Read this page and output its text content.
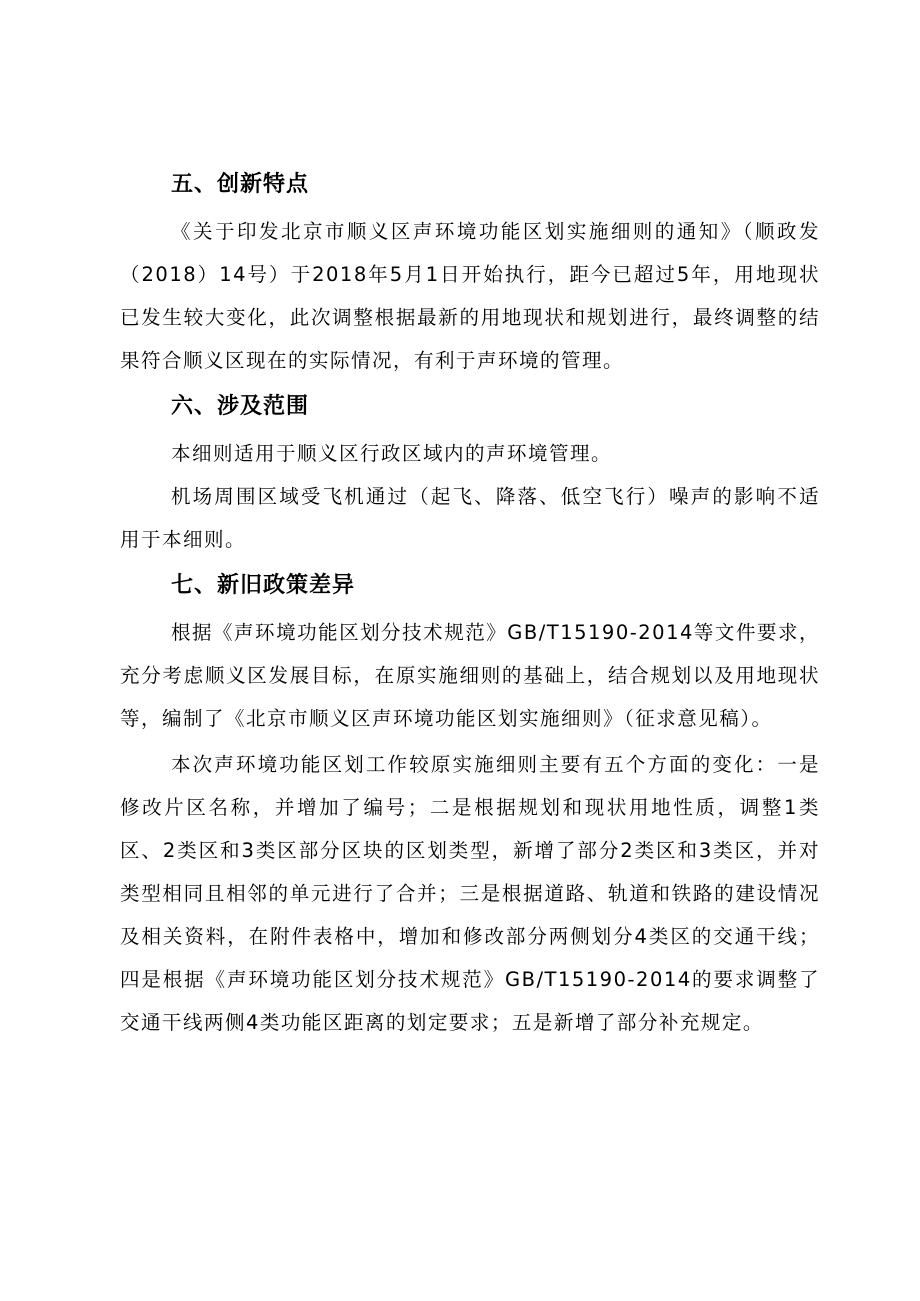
五、创新特点

《关于印发北京市顺义区声环境功能区划实施细则的通知》（顺政发（2018）14号）于2018年5月1日开始执行，距今已超过5年，用地现状已发生较大变化，此次调整根据最新的用地现状和规划进行，最终调整的结果符合顺义区现在的实际情况，有利于声环境的管理。

六、涉及范围

本细则适用于顺义区行政区域内的声环境管理。

机场周围区域受飞机通过（起飞、降落、低空飞行）噪声的影响不适用于本细则。

七、新旧政策差异

根据《声环境功能区划分技术规范》GB/T15190-2014等文件要求，充分考虑顺义区发展目标，在原实施细则的基础上，结合规划以及用地现状等，编制了《北京市顺义区声环境功能区划实施细则》（征求意见稿）。

本次声环境功能区划工作较原实施细则主要有五个方面的变化：一是修改片区名称，并增加了编号；二是根据规划和现状用地性质，调整1类区、2类区和3类区部分区块的区划类型，新增了部分2类区和3类区，并对类型相同且相邻的单元进行了合并；三是根据道路、轨道和铁路的建设情况及相关资料，在附件表格中，增加和修改部分两侧划分4类区的交通干线；四是根据《声环境功能区划分技术规范》GB/T15190-2014的要求调整了交通干线两侧4类功能区距离的划定要求；五是新增了部分补充规定。
